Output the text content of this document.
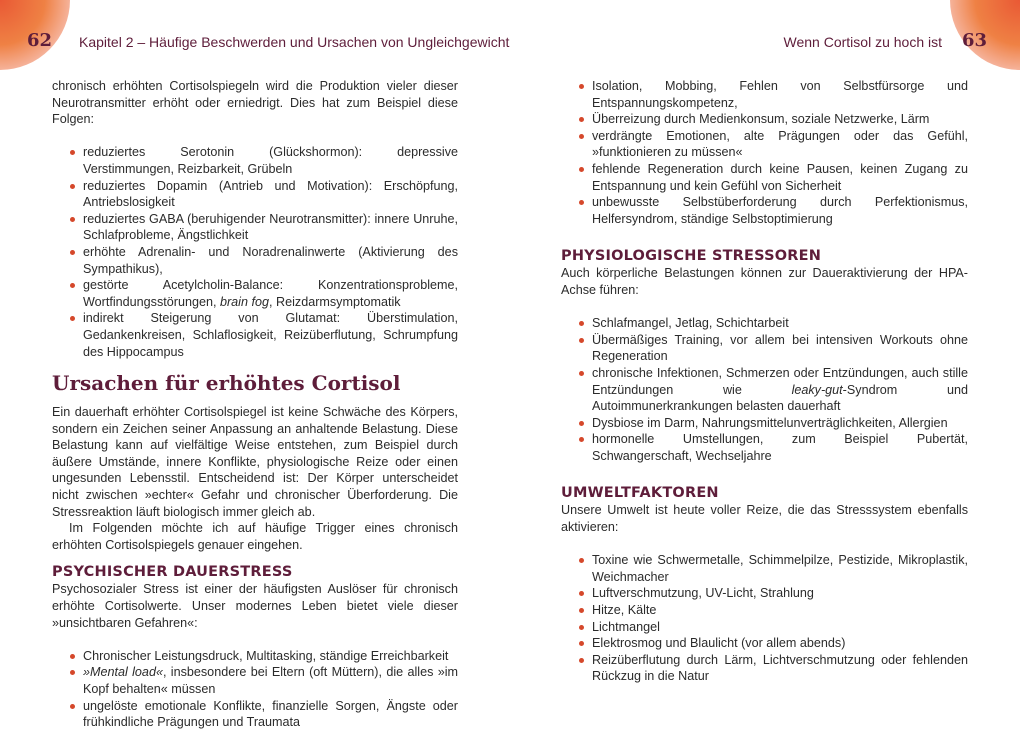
62 Kapitel 2 – Häufige Beschwerden und Ursachen von Ungleichgewicht	Wenn Cortisol zu hoch ist 63

chronisch erhöhten Cortisolspiegeln wird die Produktion vieler dieser Neurotransmitter erhöht oder erniedrigt. Dies hat zum Beispiel diese Folgen:

reduziertes Serotonin (Glückshormon): depressive Verstimmungen, Reizbarkeit, Grübeln
reduziertes Dopamin (Antrieb und Motivation): Erschöpfung, Antriebslosigkeit
reduziertes GABA (beruhigender Neurotransmitter): innere Unruhe, Schlafprobleme, Ängstlichkeit
erhöhte Adrenalin- und Noradrenalinwerte (Aktivierung des Sympathikus),
gestörte Acetylcholin-Balance: Konzentrationsprobleme, Wortfindungsstörungen, brain fog, Reizdarmsymptomatik
indirekt Steigerung von Glutamat: Überstimulation, Gedankenkreisen, Schlaflosigkeit, Reizüberflutung, Schrumpfung des Hippocampus
Ursachen für erhöhtes Cortisol

Ein dauerhaft erhöhter Cortisolspiegel ist keine Schwäche des Körpers, sondern ein Zeichen seiner Anpassung an anhaltende Belastung. Diese Belastung kann auf vielfältige Weise entstehen, zum Beispiel durch äußere Umstände, innere Konflikte, physiologische Reize oder einen ungesunden Lebensstil. Entscheidend ist: Der Körper unterscheidet nicht zwischen »echter« Gefahr und chronischer Überforderung. Die Stressreaktion läuft biologisch immer gleich ab.

Im Folgenden möchte ich auf häufige Trigger eines chronisch erhöhten Cortisolspiegels genauer eingehen.

PSYCHISCHER DAUERSTRESS

Psychosozialer Stress ist einer der häufigsten Auslöser für chronisch erhöhte Cortisolwerte. Unser modernes Leben bietet viele dieser »unsichtbaren Gefahren«:

Chronischer Leistungsdruck, Multitasking, ständige Erreichbarkeit
»Mental load«, insbesondere bei Eltern (oft Müttern), die alles »im Kopf behalten« müssen
ungelöste emotionale Konflikte, finanzielle Sorgen, Ängste oder frühkindliche Prägungen und Traumata
Isolation, Mobbing, Fehlen von Selbstfürsorge und Entspannungskompetenz,
Überreizung durch Medienkonsum, soziale Netzwerke, Lärm
verdrängte Emotionen, alte Prägungen oder das Gefühl, »funktionieren zu müssen«
fehlende Regeneration durch keine Pausen, keinen Zugang zu Entspannung und kein Gefühl von Sicherheit
unbewusste Selbstüberforderung durch Perfektionismus, Helfersyndrom, ständige Selbstoptimierung
PHYSIOLOGISCHE STRESSOREN

Auch körperliche Belastungen können zur Daueraktivierung der HPA-Achse führen:

Schlafmangel, Jetlag, Schichtarbeit
Übermäßiges Training, vor allem bei intensiven Workouts ohne Regeneration
chronische Infektionen, Schmerzen oder Entzündungen, auch stille Entzündungen wie leaky-gut-Syndrom und Autoimmunerkrankungen belasten dauerhaft
Dysbiose im Darm, Nahrungsmittelunverträglichkeiten, Allergien
hormonelle Umstellungen, zum Beispiel Pubertät, Schwangerschaft, Wechseljahre
UMWELTFAKTOREN

Unsere Umwelt ist heute voller Reize, die das Stresssystem ebenfalls aktivieren:

Toxine wie Schwermetalle, Schimmelpilze, Pestizide, Mikroplastik, Weichmacher
Luftverschmutzung, UV-Licht, Strahlung
Hitze, Kälte
Lichtmangel
Elektrosmog und Blaulicht (vor allem abends)
Reizüberflutung durch Lärm, Lichtverschmutzung oder fehlenden Rückzug in die Natur
